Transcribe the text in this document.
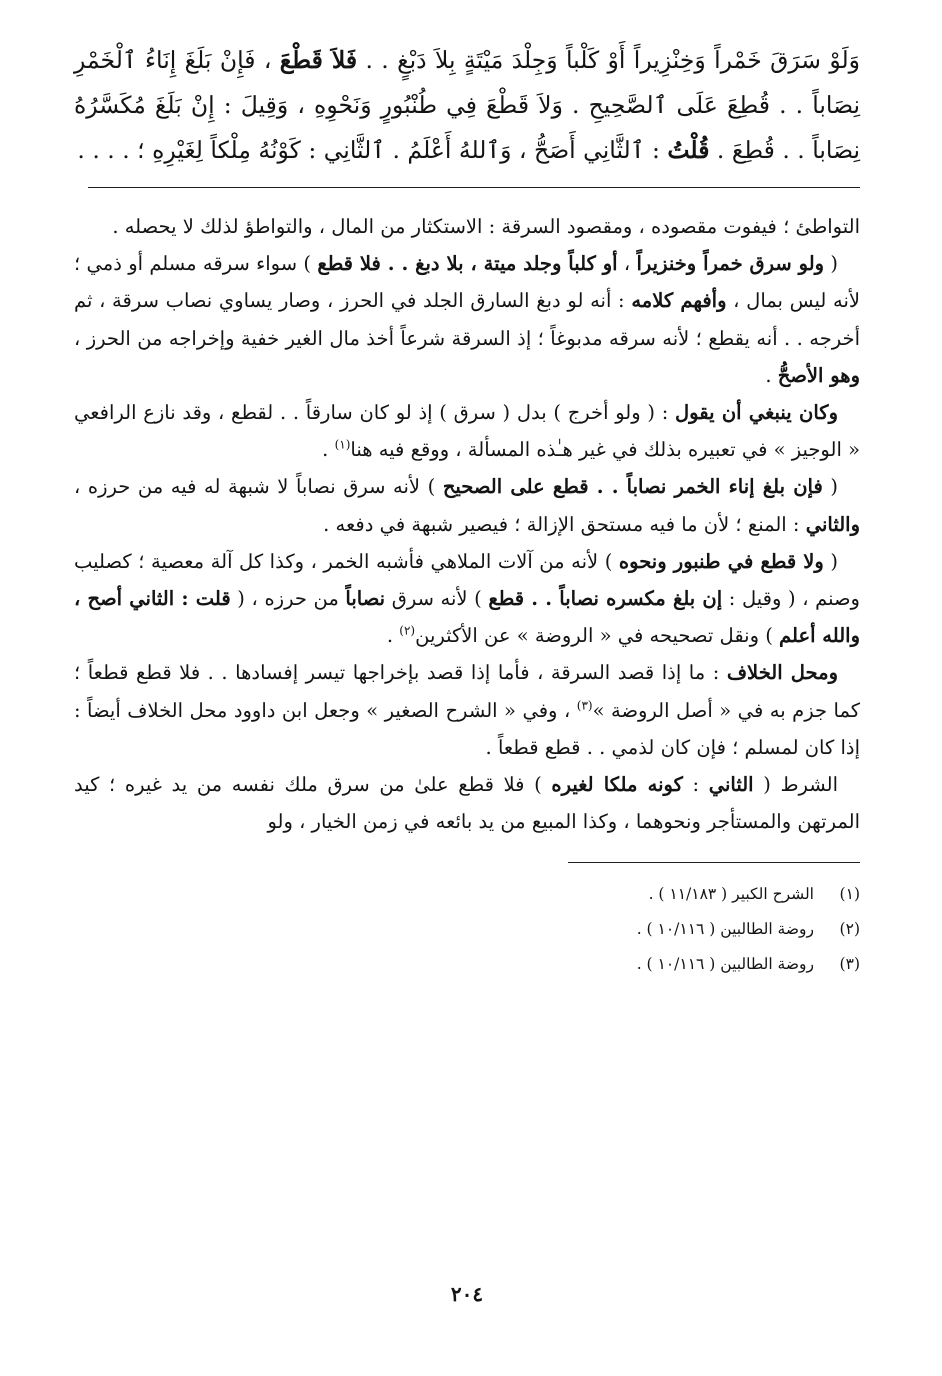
وَلَوْ سَرَقَ خَمْراً وَخِنْزِيراً أَوْ كَلْباً وَجِلْدَ مَيْتَةٍ بِلاَ دَبْغٍ . . فَلاَ قَطْعَ ، فَإِنْ بَلَغَ إِنَاءُ ٱلْخَمْرِ نِصَاباً . . قُطِعَ عَلَى ٱلصَّحِيحِ . وَلاَ قَطْعَ فِي طُنْبُورٍ وَنَحْوِهِ ، وَقِيلَ : إِنْ بَلَغَ مُكَسَّرُهُ نِصَاباً . . قُطِعَ . قُلْتُ : ٱلثَّانِي أَصَحُّ ، وَٱللهُ أَعْلَمُ . ٱلثَّانِي : كَوْنُهُ مِلْكاً لِغَيْرِهِ ؛ . . . .

التواطئ ؛ فيفوت مقصوده ، ومقصود السرقة : الاستكثار من المال ، والتواطؤ لذلك لا يحصله .

( ولو سرق خمراً وخنزيراً ، أو كلباً وجلد ميتة ، بلا دبغ . . فلا قطع ) سواء سرقه مسلم أو ذمي ؛ لأنه ليس بمال ، وأفهم كلامه : أنه لو دبغ السارق الجلد في الحرز ، وصار يساوي نصاب سرقة ، ثم أخرجه . . أنه يقطع ؛ لأنه سرقه مدبوغاً ؛ إذ السرقة شرعاً أخذ مال الغير خفية وإخراجه من الحرز ، وهو الأصحُّ .

وكان ينبغي أن يقول : ( ولو أخرج ) بدل ( سرق ) إذ لو كان سارقاً . . لقطع ، وقد نازع الرافعي « الوجيز » في تعبيره بذلك في غير هـٰذه المسألة ، ووقع فيه هنا$^{(١)}$ .

( فإن بلغ إناء الخمر نصاباً . . قطع على الصحيح ) لأنه سرق نصاباً لا شبهة له فيه من حرزه ، والثاني : المنع ؛ لأن ما فيه مستحق الإزالة ؛ فيصير شبهة في دفعه .

( ولا قطع في طنبور ونحوه ) لأنه من آلات الملاهي فأشبه الخمر ، وكذا كل آلة معصية ؛ كصليب وصنم ، ( وقيل : إن بلغ مكسره نصاباً . . قطع ) لأنه سرق نصاباً من حرزه ، ( قلت : الثاني أصح ، والله أعلم ) ونقل تصحيحه في « الروضة » عن الأكثرين$^{(٢)}$ .

ومحل الخلاف : ما إذا قصد السرقة ، فأما إذا قصد بإخراجها تيسر إفسادها . . فلا قطع قطعاً ؛ كما جزم به في « أصل الروضة »$^{(٣)}$ ، وفي « الشرح الصغير » وجعل ابن داوود محل الخلاف أيضاً : إذا كان لمسلم ؛ فإن كان لذمي . . قطع قطعاً .

الشرط ( الثاني : كونه ملكا لغيره ) فلا قطع علىٰ من سرق ملك نفسه من يد غيره ؛ كيد المرتهن والمستأجر ونحوهما ، وكذا المبيع من يد بائعه في زمن الخيار ، ولو

(١)
الشرح الكبير ( ١١/١٨٣ ) .
(٢)
روضة الطالبين ( ١٠/١١٦ ) .
(٣)
روضة الطالبين ( ١٠/١١٦ ) .
٢٠٤
